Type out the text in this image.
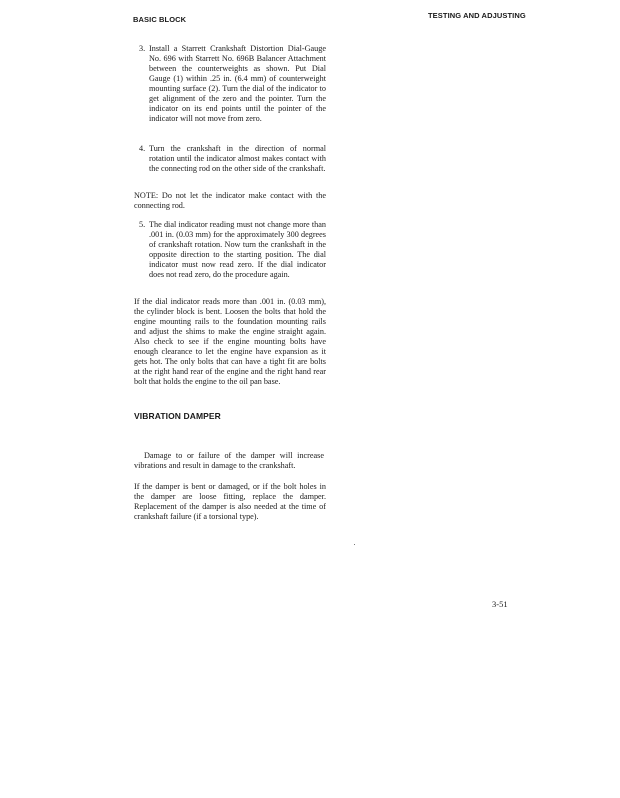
BASIC BLOCK	TESTING AND ADJUSTING
3. Install a Starrett Crankshaft Distortion Dial-Gauge No. 696 with Starrett No. 696B Balancer Attachment between the counterweights as shown. Put Dial Gauge (1) within .25 in. (6.4 mm) of counterweight mounting surface (2). Turn the dial of the indicator to get alignment of the zero and the pointer. Turn the indicator on its end points until the pointer of the indicator will not move from zero.
4. Turn the crankshaft in the direction of normal rotation until the indicator almost makes contact with the connecting rod on the other side of the crankshaft.
NOTE: Do not let the indicator make contact with the connecting rod.
5. The dial indicator reading must not change more than .001 in. (0.03 mm) for the approximately 300 degrees of crankshaft rotation. Now turn the crankshaft in the opposite direction to the starting position. The dial indicator must now read zero. If the dial indicator does not read zero, do the procedure again.
If the dial indicator reads more than .001 in. (0.03 mm), the cylinder block is bent. Loosen the bolts that hold the engine mounting rails to the foundation mounting rails and adjust the shims to make the engine straight again. Also check to see if the engine mounting bolts have enough clearance to let the engine have expansion as it gets hot. The only bolts that can have a tight fit are bolts at the right hand rear of the engine and the right hand rear bolt that holds the engine to the oil pan base.
VIBRATION DAMPER
Damage to or failure of the damper will increase vibrations and result in damage to the crankshaft.
If the damper is bent or damaged, or if the bolt holes in the damper are loose fitting, replace the damper. Replacement of the damper is also needed at the time of crankshaft failure (if a torsional type).
3-51
